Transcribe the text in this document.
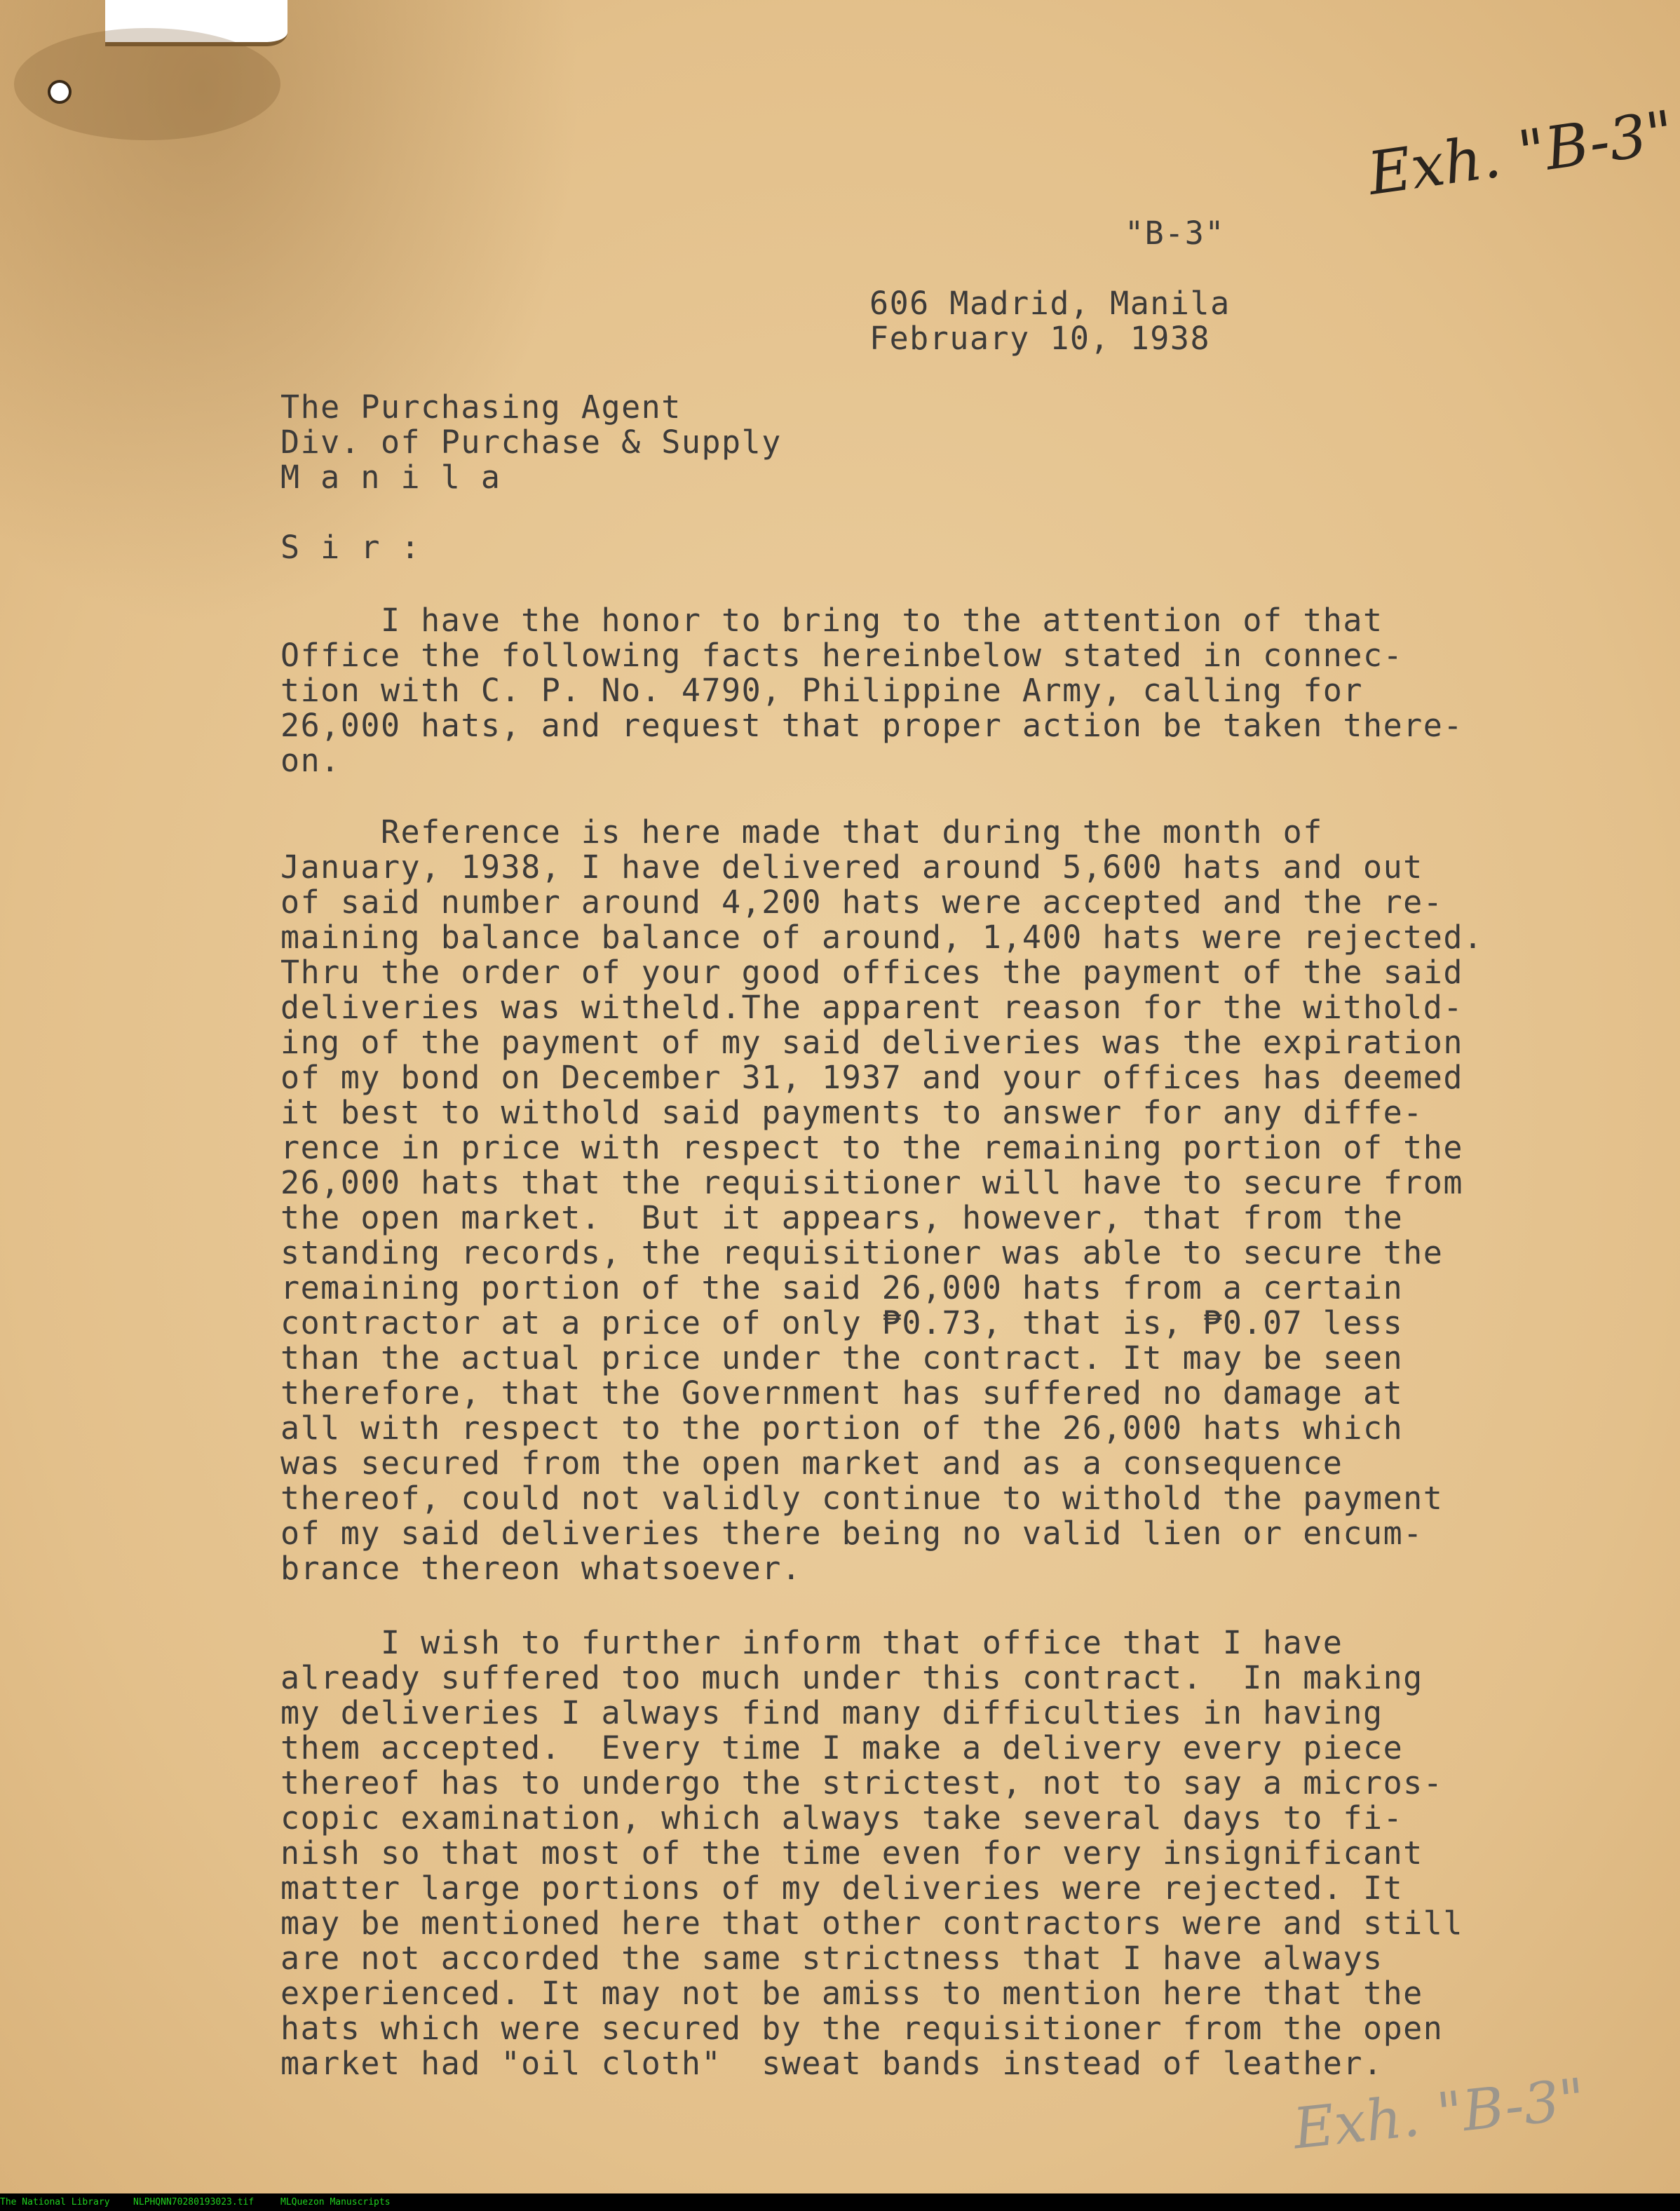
Exh. "B-3"
"B-3"
606 Madrid, Manila
February 10, 1938
The Purchasing Agent
Div. of Purchase & Supply
M a n i l a
S i r :
I have the honor to bring to the attention of that
Office the following facts hereinbelow stated in connec-
tion with C. P. No. 4790, Philippine Army, calling for
26,000 hats, and request that proper action be taken there-
on.
Reference is here made that during the month of
January, 1938, I have delivered around 5,600 hats and out
of said number around 4,200 hats were accepted and the re-
maining balance balance of around, 1,400 hats were rejected.
Thru the order of your good offices the payment of the said
deliveries was witheld.The apparent reason for the withold-
ing of the payment of my said deliveries was the expiration
of my bond on December 31, 1937 and your offices has deemed
it best to withold said payments to answer for any diffe-
rence in price with respect to the remaining portion of the
26,000 hats that the requisitioner will have to secure from
the open market.  But it appears, however, that from the
standing records, the requisitioner was able to secure the
remaining portion of the said 26,000 hats from a certain
contractor at a price of only ₱0.73, that is, ₱0.07 less
than the actual price under the contract. It may be seen
therefore, that the Government has suffered no damage at
all with respect to the portion of the 26,000 hats which
was secured from the open market and as a consequence
thereof, could not validly continue to withold the payment
of my said deliveries there being no valid lien or encum-
brance thereon whatsoever.
I wish to further inform that office that I have
already suffered too much under this contract.  In making
my deliveries I always find many difficulties in having
them accepted.  Every time I make a delivery every piece
thereof has to undergo the strictest, not to say a micros-
copic examination, which always take several days to fi-
nish so that most of the time even for very insignificant
matter large portions of my deliveries were rejected. It
may be mentioned here that other contractors were and still
are not accorded the same strictness that I have always
experienced. It may not be amiss to mention here that the
hats which were secured by the requisitioner from the open
market had "oil cloth"  sweat bands instead of leather.
Exh. "B-3"
The National Library	NLPHQNN70280193023.tif	MLQuezon Manuscripts
